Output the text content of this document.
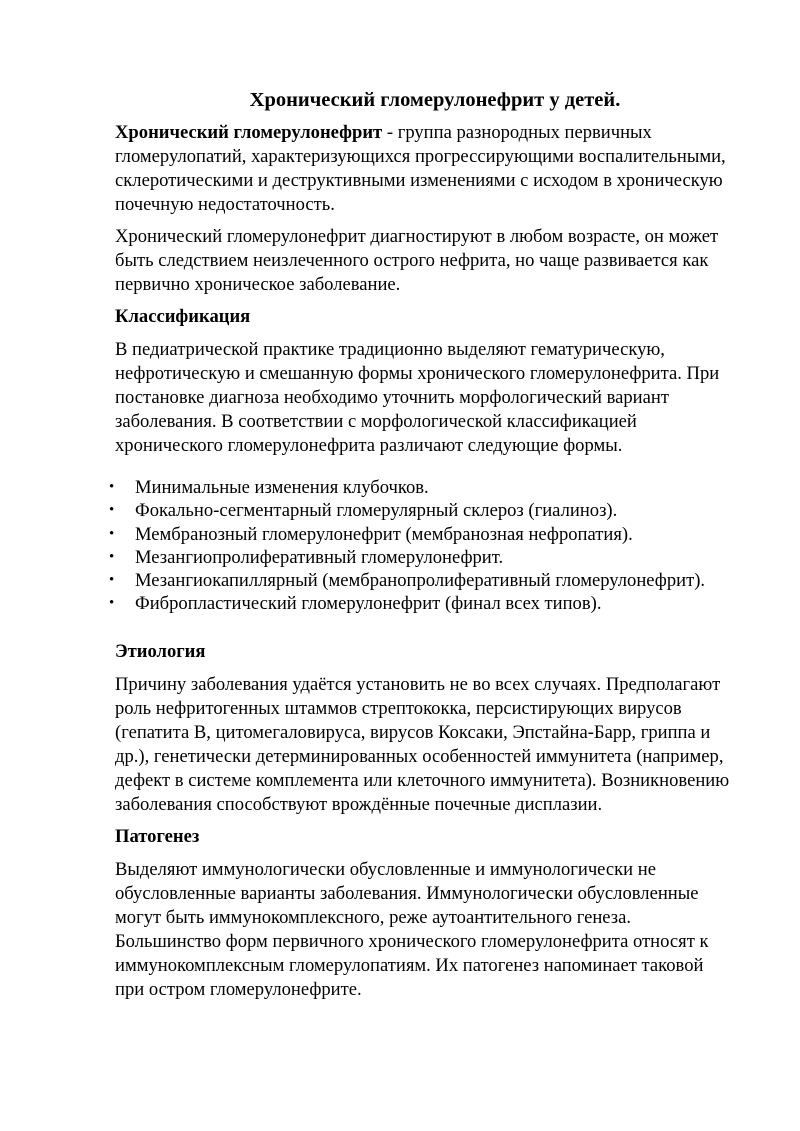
Хронический гломерулонефрит у детей.

Хронический гломерулонефрит - группа разнородных первичных гломерулопатий, характеризующихся прогрессирующими воспалительными, склеротическими и деструктивными изменениями с исходом в хроническую почечную недостаточность.

Хронический гломерулонефрит диагностируют в любом возрасте, он может быть следствием неизлеченного острого нефрита, но чаще развивается как первично хроническое заболевание.

Классификация

В педиатрической практике традиционно выделяют гематурическую, нефротическую и смешанную формы хронического гломерулонефрита. При постановке диагноза необходимо уточнить морфологический вариант заболевания. В соответствии с морфологической классификацией хронического гломерулонефрита различают следующие формы.

• Минимальные изменения клубочков.
• Фокально-сегментарный гломерулярный склероз (гиалиноз).
• Мембранозный гломерулонефрит (мембранозная нефропатия).
• Мезангиопролиферативный гломерулонефрит.
• Мезангиокапиллярный (мембранопролиферативный гломерулонефрит).
• Фибропластический гломерулонефрит (финал всех типов).
Этиология

Причину заболевания удаётся установить не во всех случаях. Предполагают роль нефритогенных штаммов стрептококка, персистирующих вирусов (гепатита В, цитомегаловируса, вирусов Коксаки, Эпстайна-Барр, гриппа и др.), генетически детерминированных особенностей иммунитета (например, дефект в системе комплемента или клеточного иммунитета). Возникновению заболевания способствуют врождённые почечные дисплазии.

Патогенез

Выделяют иммунологически обусловленные и иммунологически не обусловленные варианты заболевания. Иммунологически обусловленные могут быть иммунокомплексного, реже аутоантительного генеза. Большинство форм первичного хронического гломерулонефрита относят к иммунокомплексным гломерулопатиям. Их патогенез напоминает таковой при остром гломерулонефрите.
